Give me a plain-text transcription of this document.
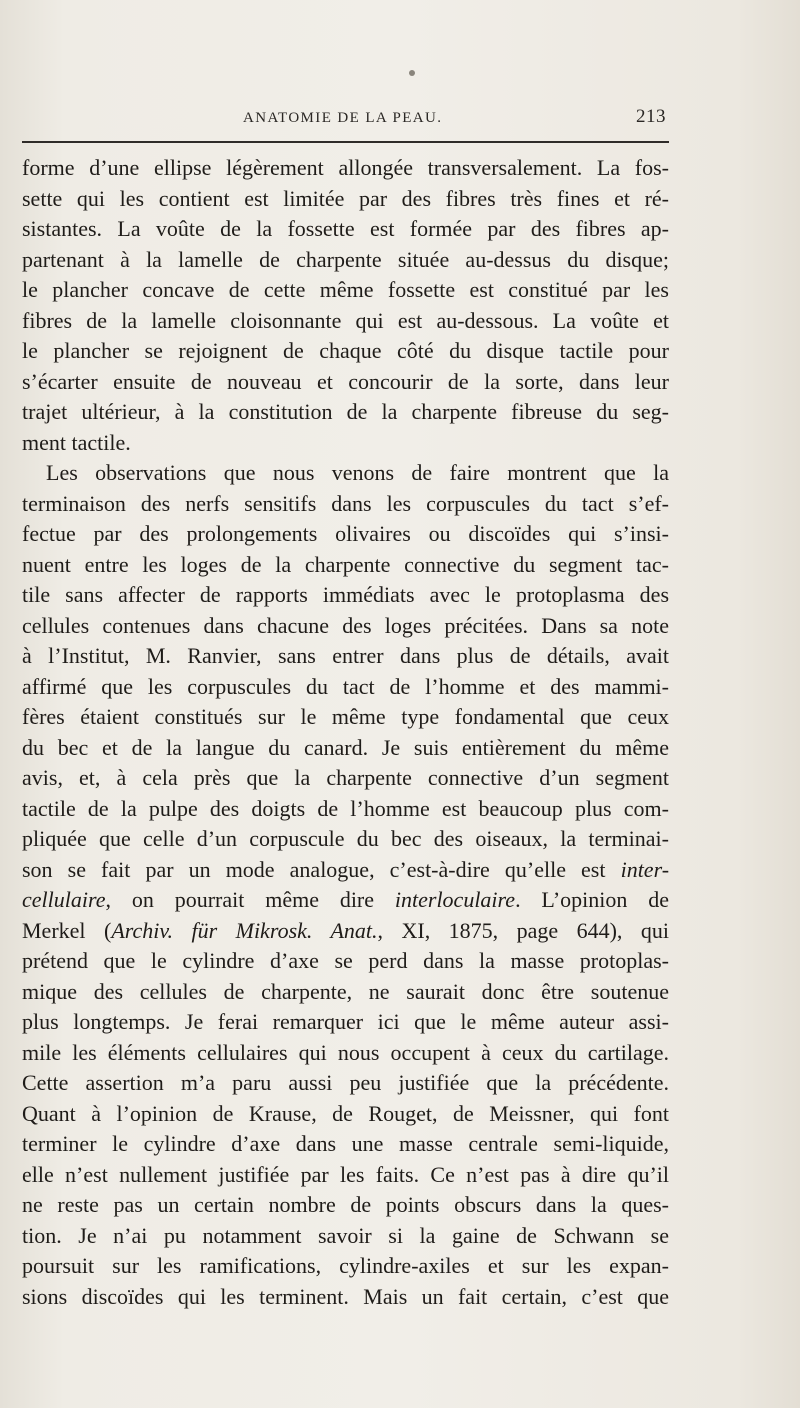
ANATOMIE DE LA PEAU.	213
forme d’une ellipse légèrement allongée transversalement. La fos-
sette qui les contient est limitée par des fibres très fines et ré-
sistantes. La voûte de la fossette est formée par des fibres ap-
partenant à la lamelle de charpente située au-dessus du disque;
le plancher concave de cette même fossette est constitué par les
fibres de la lamelle cloisonnante qui est au-dessous. La voûte et
le plancher se rejoignent de chaque côté du disque tactile pour
s’écarter ensuite de nouveau et concourir de la sorte, dans leur
trajet ultérieur, à la constitution de la charpente fibreuse du seg-
ment tactile.
Les observations que nous venons de faire montrent que la
terminaison des nerfs sensitifs dans les corpuscules du tact s’ef-
fectue par des prolongements olivaires ou discoïdes qui s’insi-
nuent entre les loges de la charpente connective du segment tac-
tile sans affecter de rapports immédiats avec le protoplasma des
cellules contenues dans chacune des loges précitées. Dans sa note
à l’Institut, M. Ranvier, sans entrer dans plus de détails, avait
affirmé que les corpuscules du tact de l’homme et des mammi-
fères étaient constitués sur le même type fondamental que ceux
du bec et de la langue du canard. Je suis entièrement du même
avis, et, à cela près que la charpente connective d’un segment
tactile de la pulpe des doigts de l’homme est beaucoup plus com-
pliquée que celle d’un corpuscule du bec des oiseaux, la terminai-
son se fait par un mode analogue, c’est-à-dire qu’elle est inter-
cellulaire, on pourrait même dire interloculaire. L’opinion de
Merkel (Archiv. für Mikrosk. Anat., XI, 1875, page 644), qui
prétend que le cylindre d’axe se perd dans la masse protoplas-
mique des cellules de charpente, ne saurait donc être soutenue
plus longtemps. Je ferai remarquer ici que le même auteur assi-
mile les éléments cellulaires qui nous occupent à ceux du cartilage.
Cette assertion m’a paru aussi peu justifiée que la précédente.
Quant à l’opinion de Krause, de Rouget, de Meissner, qui font
terminer le cylindre d’axe dans une masse centrale semi-liquide,
elle n’est nullement justifiée par les faits. Ce n’est pas à dire qu’il
ne reste pas un certain nombre de points obscurs dans la ques-
tion. Je n’ai pu notamment savoir si la gaine de Schwann se
poursuit sur les ramifications, cylindre-axiles et sur les expan-
sions discoïdes qui les terminent. Mais un fait certain, c’est que
